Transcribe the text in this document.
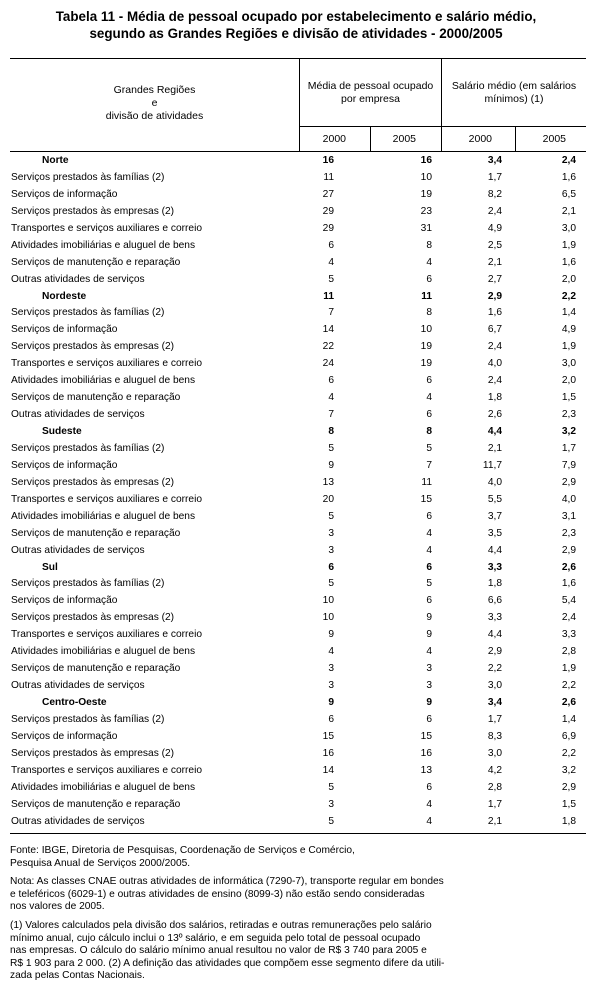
Tabela 11 - Média de pessoal ocupado por estabelecimento e salário médio,
segundo as Grandes Regiões e divisão de atividades - 2000/2005
Grandes Regiões
e
divisão de atividades
Média de pessoal ocupado por empresa
Salário médio (em salários mínimos) (1)
2000	2005	2000	2005
Norte	16	16	3,4	2,4
Serviços prestados às famílias (2)	11	10	1,7	1,6
Serviços de informação	27	19	8,2	6,5
Serviços prestados às empresas (2)	29	23	2,4	2,1
Transportes e serviços auxiliares e correio	29	31	4,9	3,0
Atividades imobiliárias e aluguel de bens	6	8	2,5	1,9
Serviços de manutenção e reparação	4	4	2,1	1,6
Outras atividades de serviços	5	6	2,7	2,0
Nordeste	11	11	2,9	2,2
Serviços prestados às famílias (2)	7	8	1,6	1,4
Serviços de informação	14	10	6,7	4,9
Serviços prestados às empresas (2)	22	19	2,4	1,9
Transportes e serviços auxiliares e correio	24	19	4,0	3,0
Atividades imobiliárias e aluguel de bens	6	6	2,4	2,0
Serviços de manutenção e reparação	4	4	1,8	1,5
Outras atividades de serviços	7	6	2,6	2,3
Sudeste	8	8	4,4	3,2
Serviços prestados às famílias (2)	5	5	2,1	1,7
Serviços de informação	9	7	11,7	7,9
Serviços prestados às empresas (2)	13	11	4,0	2,9
Transportes e serviços auxiliares e correio	20	15	5,5	4,0
Atividades imobiliárias e aluguel de bens	5	6	3,7	3,1
Serviços de manutenção e reparação	3	4	3,5	2,3
Outras atividades de serviços	3	4	4,4	2,9
Sul	6	6	3,3	2,6
Serviços prestados às famílias (2)	5	5	1,8	1,6
Serviços de informação	10	6	6,6	5,4
Serviços prestados às empresas (2)	10	9	3,3	2,4
Transportes e serviços auxiliares e correio	9	9	4,4	3,3
Atividades imobiliárias e aluguel de bens	4	4	2,9	2,8
Serviços de manutenção e reparação	3	3	2,2	1,9
Outras atividades de serviços	3	3	3,0	2,2
Centro-Oeste	9	9	3,4	2,6
Serviços prestados às famílias (2)	6	6	1,7	1,4
Serviços de informação	15	15	8,3	6,9
Serviços prestados às empresas (2)	16	16	3,0	2,2
Transportes e serviços auxiliares e correio	14	13	4,2	3,2
Atividades imobiliárias e aluguel de bens	5	6	2,8	2,9
Serviços de manutenção e reparação	3	4	1,7	1,5
Outras atividades de serviços	5	4	2,1	1,8

Fonte: IBGE, Diretoria de Pesquisas, Coordenação de Serviços e Comércio,
Pesquisa Anual de Serviços 2000/2005.

Nota: As classes CNAE outras atividades de informática (7290-7), transporte regular em bondes
e teleféricos (6029-1) e outras atividades de ensino (8099-3) não estão sendo consideradas
nos valores de 2005.

(1) Valores calculados pela divisão dos salários, retiradas e outras remunerações pelo salário
mínimo anual, cujo cálculo inclui o 13º salário, e em seguida pelo total de pessoal ocupado
nas empresas. O cálculo do salário mínimo anual resultou no valor de R$ 3 740 para 2005 e
R$ 1 903 para 2 000. (2) A definição das atividades que compõem esse segmento difere da utili-
zada pelas Contas Nacionais.
